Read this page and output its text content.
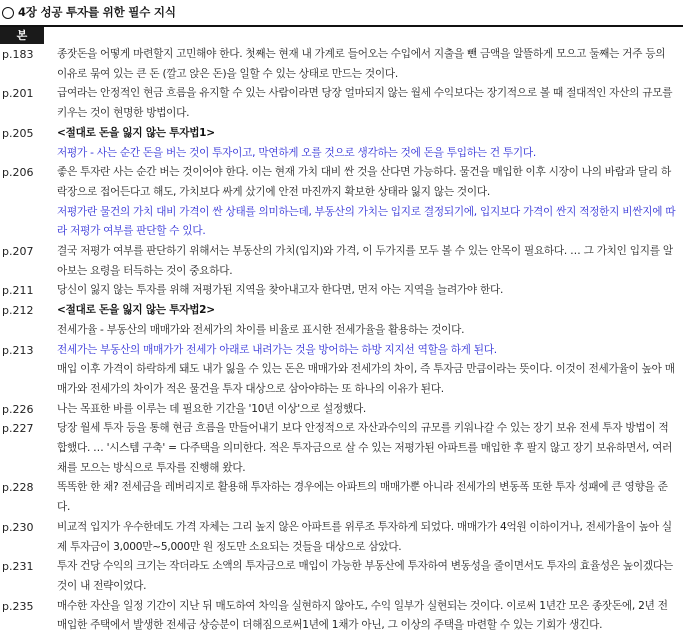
4장 성공 투자를 위한 필수 지식
본
p.183	종잣돈을 어떻게 마련할지 고민해야 한다. 첫째는 현재 내 가계로 들어오는 수입에서 지출을 뺀 금액을 알뜰하게 모으고 둘째는 거주 등의 이유로 묶여 있는 큰 돈 (깔고 앉은 돈)을 일할 수 있는 상태로 만드는 것이다.
p.201	급여라는 안정적인 현금 흐름을 유지할 수 있는 사람이라면 당장 얼마되지 않는 월세 수익보다는 장기적으로 볼 때 절대적인 자산의 규모를 키우는 것이 현명한 방법이다.
p.205	<절대로 돈을 잃지 않는 투자법1>
저평가 - 사는 순간 돈을 버는 것이 투자이고, 막연하게 오를 것으로 생각하는 것에 돈을 투입하는 건 투기다.
p.206	좋은 투자란 사는 순간 버는 것이어야 한다. 이는 현재 가치 대비 싼 것을 산다면 가능하다. 물건을 매입한 이후 시장이 나의 바람과 달리 하락장으로 접어든다고 해도, 가치보다 싸게 샀기에 안전 마진까지 확보한 상태라 잃지 않는 것이다.
저평가란 물건의 가치 대비 가격이 싼 상태를 의미하는데, 부동산의 가치는 입지로 결정되기에, 입지보다 가격이 싼지 적정한지 비싼지에 따라 저평가 여부를 판단할 수 있다.
p.207	결국 저평가 여부를 판단하기 위해서는 부동산의 가치(입지)와 가격, 이 두가지를 모두 볼 수 있는 안목이 필요하다. … 그 가치인 입지를 알아보는 요령을 터득하는 것이 중요하다.
p.211	당신이 잃지 않는 투자를 위해 저평가된 지역을 찾아내고자 한다면, 먼저 아는 지역을 늘려가야 한다.
p.212	<절대로 돈을 잃지 않는 투자법2>
전세가율 - 부동산의 매매가와 전세가의 차이를 비율로 표시한 전세가율을 활용하는 것이다.
p.213	전세가는 부동산의 매매가가 전세가 아래로 내려가는 것을 방어하는 하방 지지선 역할을 하게 된다.
매입 이후 가격이 하락하게 돼도 내가 잃을 수 있는 돈은 매매가와 전세가의 차이, 즉 투자금 만큼이라는 뜻이다. 이것이 전세가율이 높아 매매가와 전세가의 차이가 적은 물건을 투자 대상으로 삼아야하는 또 하나의 이유가 된다.
p.226	나는 목표한 바를 이루는 데 필요한 기간을 '10년 이상'으로 설정했다.
p.227	당장 월세 투자 등을 통해 현금 흐름을 만들어내기 보다 안정적으로 자산과수익의 규모를 키워나갈 수 있는 장기 보유 전세 투자 방법이 적합했다. … '시스템 구축' = 다주택을 의미한다. 적은 투자금으로 살 수 있는 저평가된 아파트를 매입한 후 팔지 않고 장기 보유하면서, 여러채를 모으는 방식으로 투자를 진행해 왔다.
p.228	똑똑한 한 채? 전세금을 레버리지로 활용해 투자하는 경우에는 아파트의 매매가뿐 아니라 전세가의 변동폭 또한 투자 성패에 큰 영향을 준다.
p.230	비교적 입지가 우수한데도 가격 자체는 그리 높지 않은 아파트를 위루조 투자하게 되었다. 매매가가 4억원 이하이거나, 전세가율이 높아 실제 투자금이 3,000만~5,000만 원 정도만 소요되는 것들을 대상으로 삼았다.
p.231	투자 건당 수익의 크기는 작더라도 소액의 투자금으로 매입이 가능한 부동산에 투자하여 변동성을 줄이면서도 투자의 효율성은 높이겠다는 것이 내 전략이었다.
p.235	매수한 자산을 일정 기간이 지난 뒤 매도하여 차익을 실현하지 않아도, 수익 일부가 실현되는 것이다. 이로써 1년간 모은 종잣돈에, 2년 전 매입한 주택에서 발생한 전세금 상승분이 더해짐으로써1년에 1채가 아닌, 그 이상의 주택을 마련할 수 있는 기회가 생긴다.
